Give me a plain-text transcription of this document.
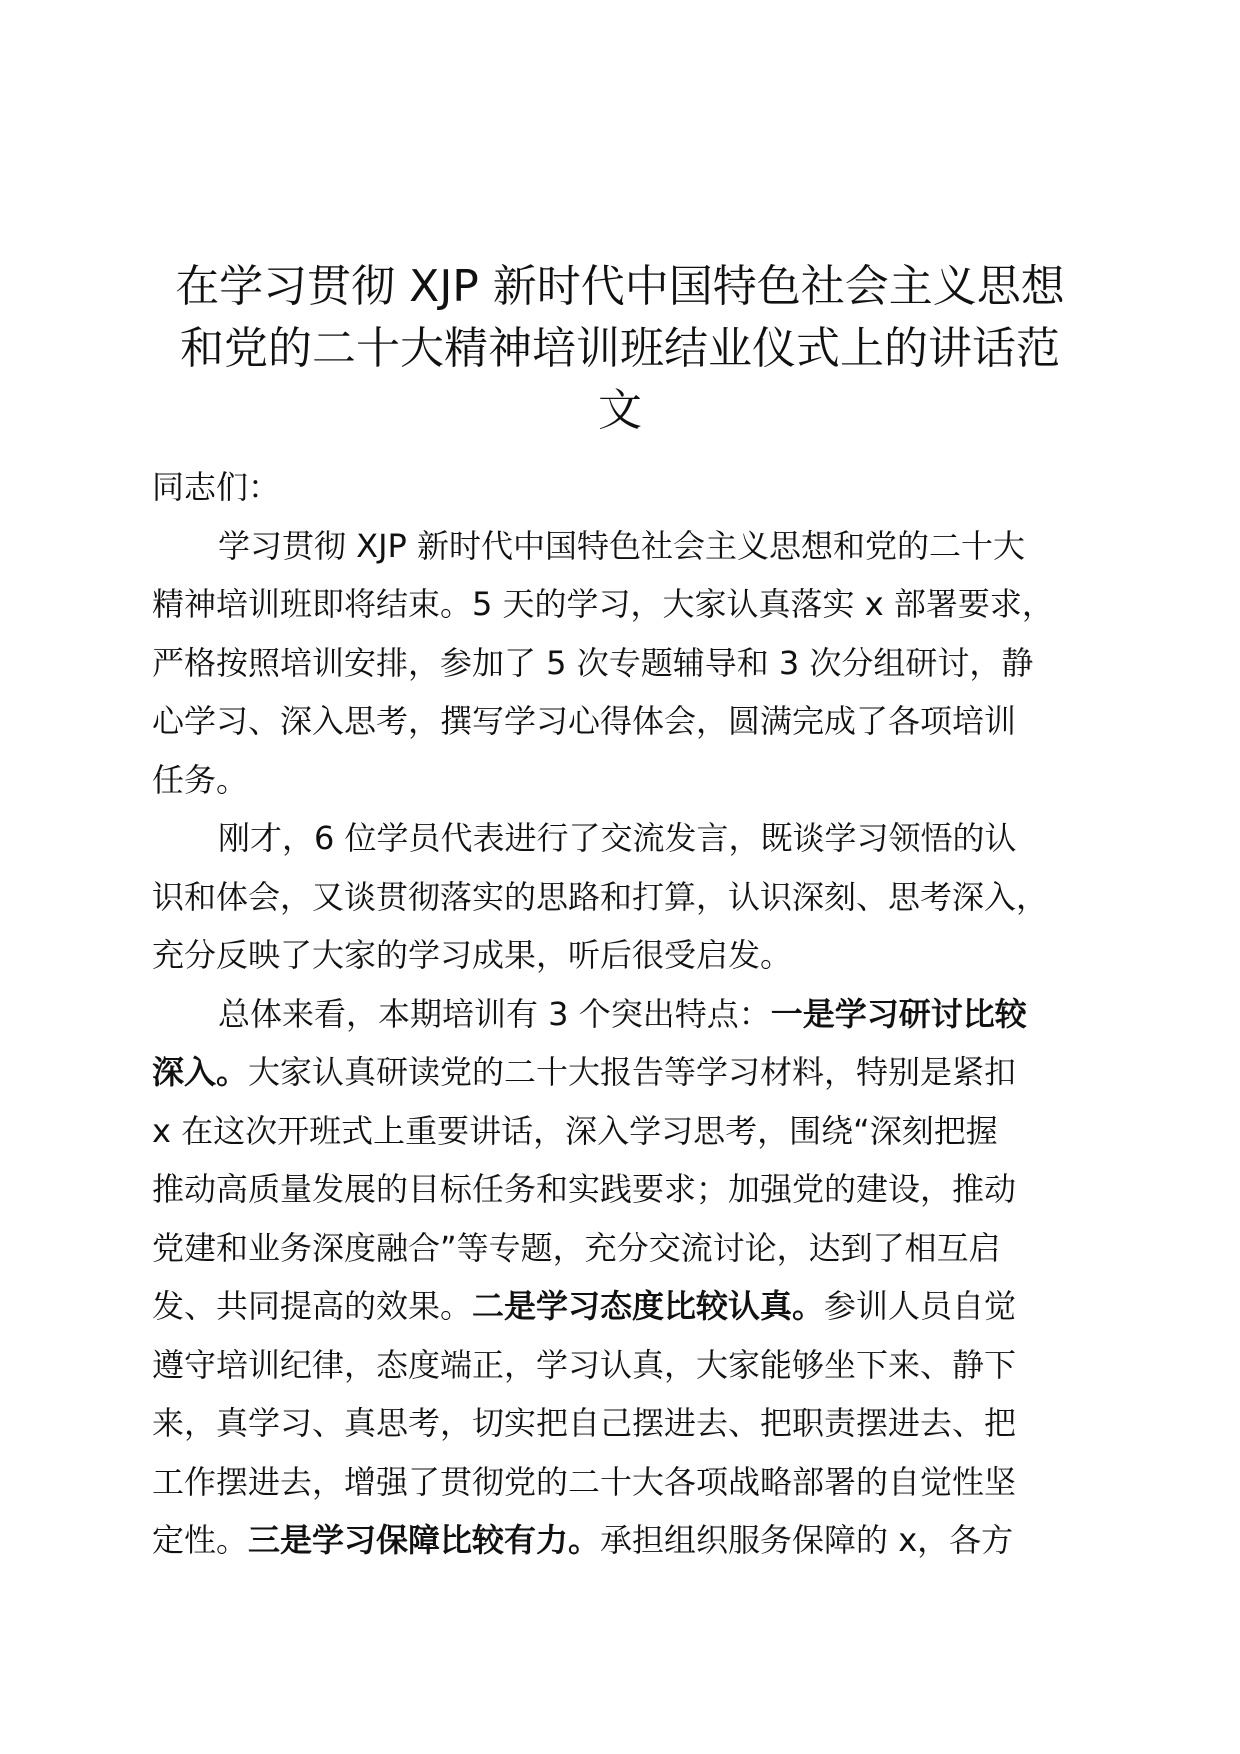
在学习贯彻 XJP 新时代中国特色社会主义思想
和党的二十大精神培训班结业仪式上的讲话范
文
同志们：
学习贯彻 XJP 新时代中国特色社会主义思想和党的二十大
精神培训班即将结束。5 天的学习，大家认真落实 x 部署要求，
严格按照培训安排，参加了 5 次专题辅导和 3 次分组研讨，静
心学习、深入思考，撰写学习心得体会，圆满完成了各项培训
任务。
刚才，6 位学员代表进行了交流发言，既谈学习领悟的认
识和体会，又谈贯彻落实的思路和打算，认识深刻、思考深入，
充分反映了大家的学习成果，听后很受启发。
总体来看，本期培训有 3 个突出特点：一是学习研讨比较
深入。大家认真研读党的二十大报告等学习材料，特别是紧扣
x 在这次开班式上重要讲话，深入学习思考，围绕“深刻把握
推动高质量发展的目标任务和实践要求；加强党的建设，推动
党建和业务深度融合”等专题，充分交流讨论，达到了相互启
发、共同提高的效果。二是学习态度比较认真。参训人员自觉
遵守培训纪律，态度端正，学习认真，大家能够坐下来、静下
来，真学习、真思考，切实把自己摆进去、把职责摆进去、把
工作摆进去，增强了贯彻党的二十大各项战略部署的自觉性坚
定性。三是学习保障比较有力。承担组织服务保障的 x，各方
